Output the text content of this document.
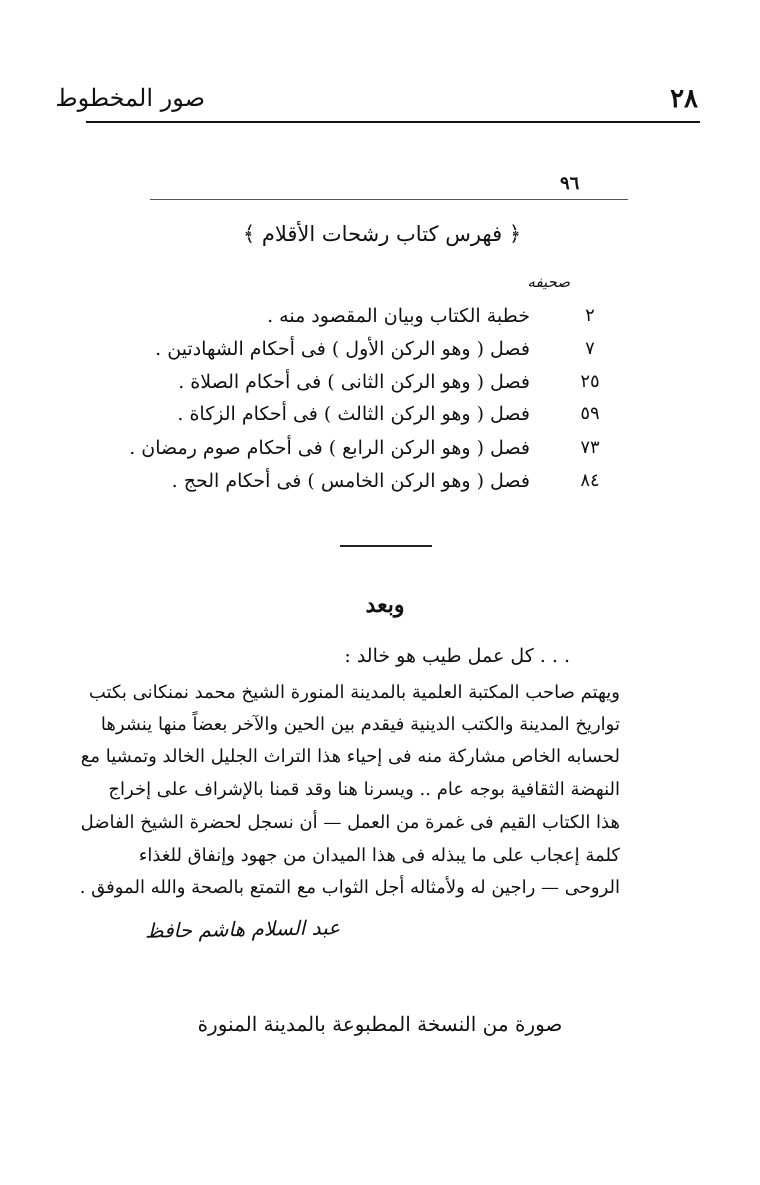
صور المخطوط	٢٨
٩٦
﴿ فهرس كتاب رشحات الأقلام ﴾
صحيفه
٢
خطبة الكتاب وبيان المقصود منه .
٧
فصل ( وهو الركن الأول ) فى أحكام الشهادتين .
٢٥
فصل ( وهو الركن الثانى ) فى أحكام الصلاة .
٥٩
فصل ( وهو الركن الثالث ) فى أحكام الزكاة .
٧٣
فصل ( وهو الركن الرابع ) فى أحكام صوم رمضان .
٨٤
فصل ( وهو الركن الخامس ) فى أحكام الحج .
وبعد
. . . كل عمل طيب هو خالد :
ويهتم صاحب المكتبة العلمية بالمدينة المنورة الشيخ محمد نمنكانى بكتب
تواريخ المدينة والكتب الدينية فيقدم بين الحين والآخر بعضاً منها ينشرها
لحسابه الخاص مشاركة منه فى إحياء هذا التراث الجليل الخالد وتمشيا مع
النهضة الثقافية بوجه عام .. ويسرنا هنا وقد قمنا بالإشراف على إخراج
هذا الكتاب القيم فى غمرة من العمل — أن نسجل لحضرة الشيخ الفاضل
كلمة إعجاب على ما يبذله فى هذا الميدان من جهود وإنفاق للغذاء
الروحى — راجين له ولأمثاله أجل الثواب مع التمتع بالصحة والله الموفق .
عبد السلام هاشم حافظ
صورة من النسخة المطبوعة بالمدينة المنورة
